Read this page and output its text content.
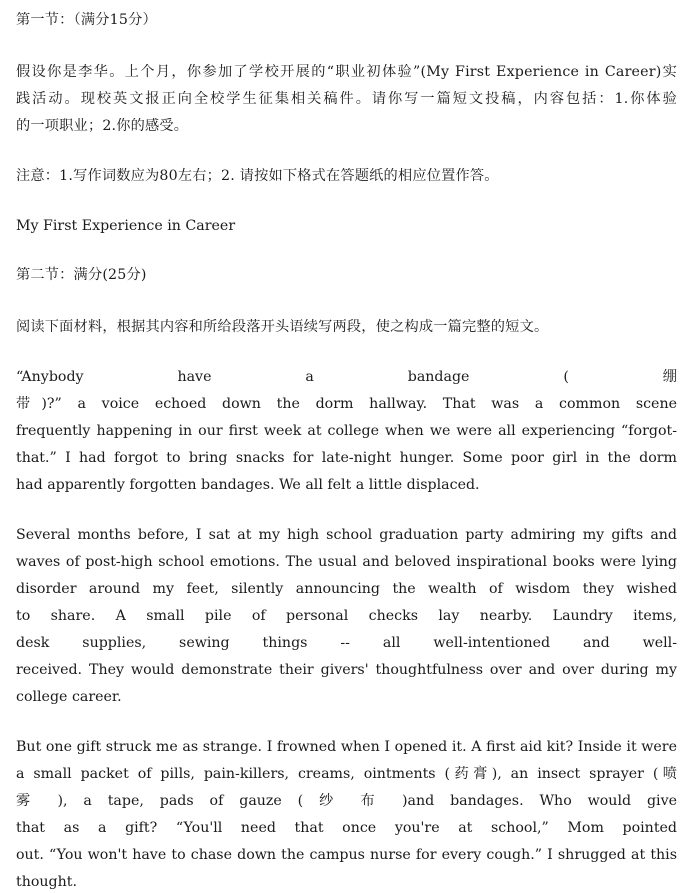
第一节：（满分15分）
假设你是李华。上个月，你参加了学校开展的“职业初体验”(My First Experience in Career)实
践活动。现校英文报正向全校学生征集相关稿件。请你写一篇短文投稿，内容包括：1.你体验
的一项职业；2.你的感受。
注意：1.写作词数应为80左右；2. 请按如下格式在答题纸的相应位置作答。
My First Experience in Career
第二节：满分(25分)
阅读下面材料，根据其内容和所给段落开头语续写两段，使之构成一篇完整的短文。
“Anybody have a bandage ( 绷
带)?” a voice echoed down the dorm hallway. That was a common scene
frequently happening in our first week at college when we were all experiencing “forgot-
that.” I had forgot to bring snacks for late-night hunger. Some poor girl in the dorm
had apparently forgotten bandages. We all felt a little displaced.
Several months before, I sat at my high school graduation party admiring my gifts and
waves of post-high school emotions. The usual and beloved inspirational books were lying
disorder around my feet, silently announcing the wealth of wisdom they wished
to share. A small pile of personal checks lay nearby. Laundry items,
desk supplies, sewing things -- all well-intentioned and well-
received. They would demonstrate their givers' thoughtfulness over and over during my
college career.
But one gift struck me as strange. I frowned when I opened it. A first aid kit? Inside it were
a small packet of pills, pain-killers, creams, ointments (药膏), an insect sprayer (喷
雾 ), a tape, pads of gauze ( 纱 布 )and bandages. Who would give
that as a gift? “You'll need that once you're at school,” Mom pointed
out. “You won't have to chase down the campus nurse for every cough.” I shrugged at this
thought.
